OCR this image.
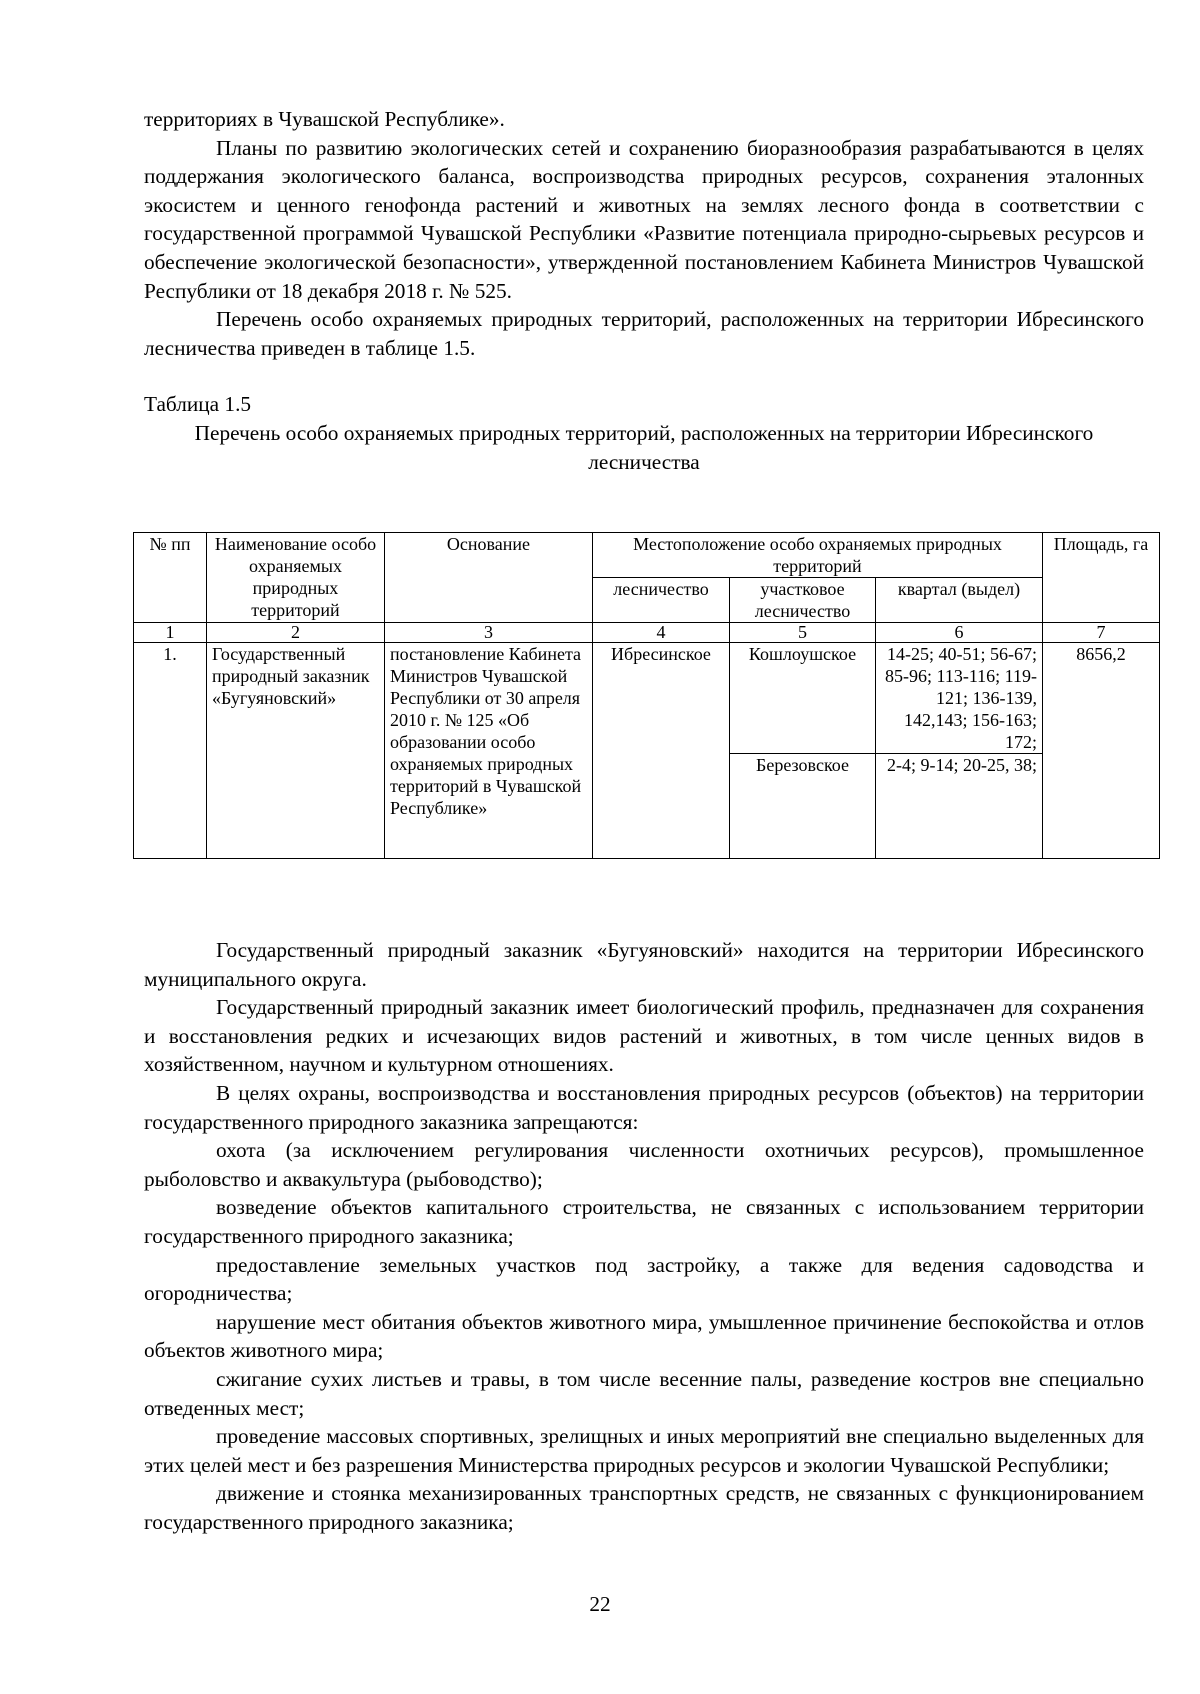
территориях в Чувашской Республике».

Планы по развитию экологических сетей и сохранению биоразнообразия разрабатываются в целях поддержания экологического баланса, воспроизводства природных ресурсов, сохранения эталонных экосистем и ценного генофонда растений и животных на землях лесного фонда в соответствии с государственной программой Чувашской Республики «Развитие потенциала природно-сырьевых ресурсов и обеспечение экологической безопасности», утвержденной постановлением Кабинета Министров Чувашской Республики от 18 декабря 2018 г. № 525.

Перечень особо охраняемых природных территорий, расположенных на территории Ибресинского лесничества приведен в таблице 1.5.

Таблица 1.5

Перечень особо охраняемых природных территорий, расположенных на территории Ибресинского лесничества

№ пп	Наименование особо охраняемых природных территорий	Основание	Местоположение особо охраняемых природных территорий			Площадь, га
			лесничество	участковое лесничество	квартал (выдел)	
1	2	3	4	5	6	7
1.	Государственный природный заказник «Бугуяновский»	постановление Кабинета Министров Чувашской Республики от 30 апреля 2010 г. № 125 «Об образовании особо охраняемых природных территорий в Чувашской Республике»	Ибресинское	Кошлоушское	14-25; 40-51; 56-67; 85-96; 113-116; 119-121; 136-139, 142,143; 156-163; 172;	8656,2
				Березовское	2-4; 9-14; 20-25, 38;	

Государственный природный заказник «Бугуяновский» находится на территории Ибресинского муниципального округа.

Государственный природный заказник имеет биологический профиль, предназначен для сохранения и восстановления редких и исчезающих видов растений и животных, в том числе ценных видов в хозяйственном, научном и культурном отношениях.

В целях охраны, воспроизводства и восстановления природных ресурсов (объектов) на территории государственного природного заказника запрещаются:

охота (за исключением регулирования численности охотничьих ресурсов), промышленное рыболовство и аквакультура (рыбоводство);

возведение объектов капитального строительства, не связанных с использованием территории государственного природного заказника;

предоставление земельных участков под застройку, а также для ведения садоводства и огородничества;

нарушение мест обитания объектов животного мира, умышленное причинение беспокойства и отлов объектов животного мира;

сжигание сухих листьев и травы, в том числе весенние палы, разведение костров вне специально отведенных мест;

проведение массовых спортивных, зрелищных и иных мероприятий вне специально выделенных для этих целей мест и без разрешения Министерства природных ресурсов и экологии Чувашской Республики;

движение и стоянка механизированных транспортных средств, не связанных с функционированием государственного природного заказника;

22
